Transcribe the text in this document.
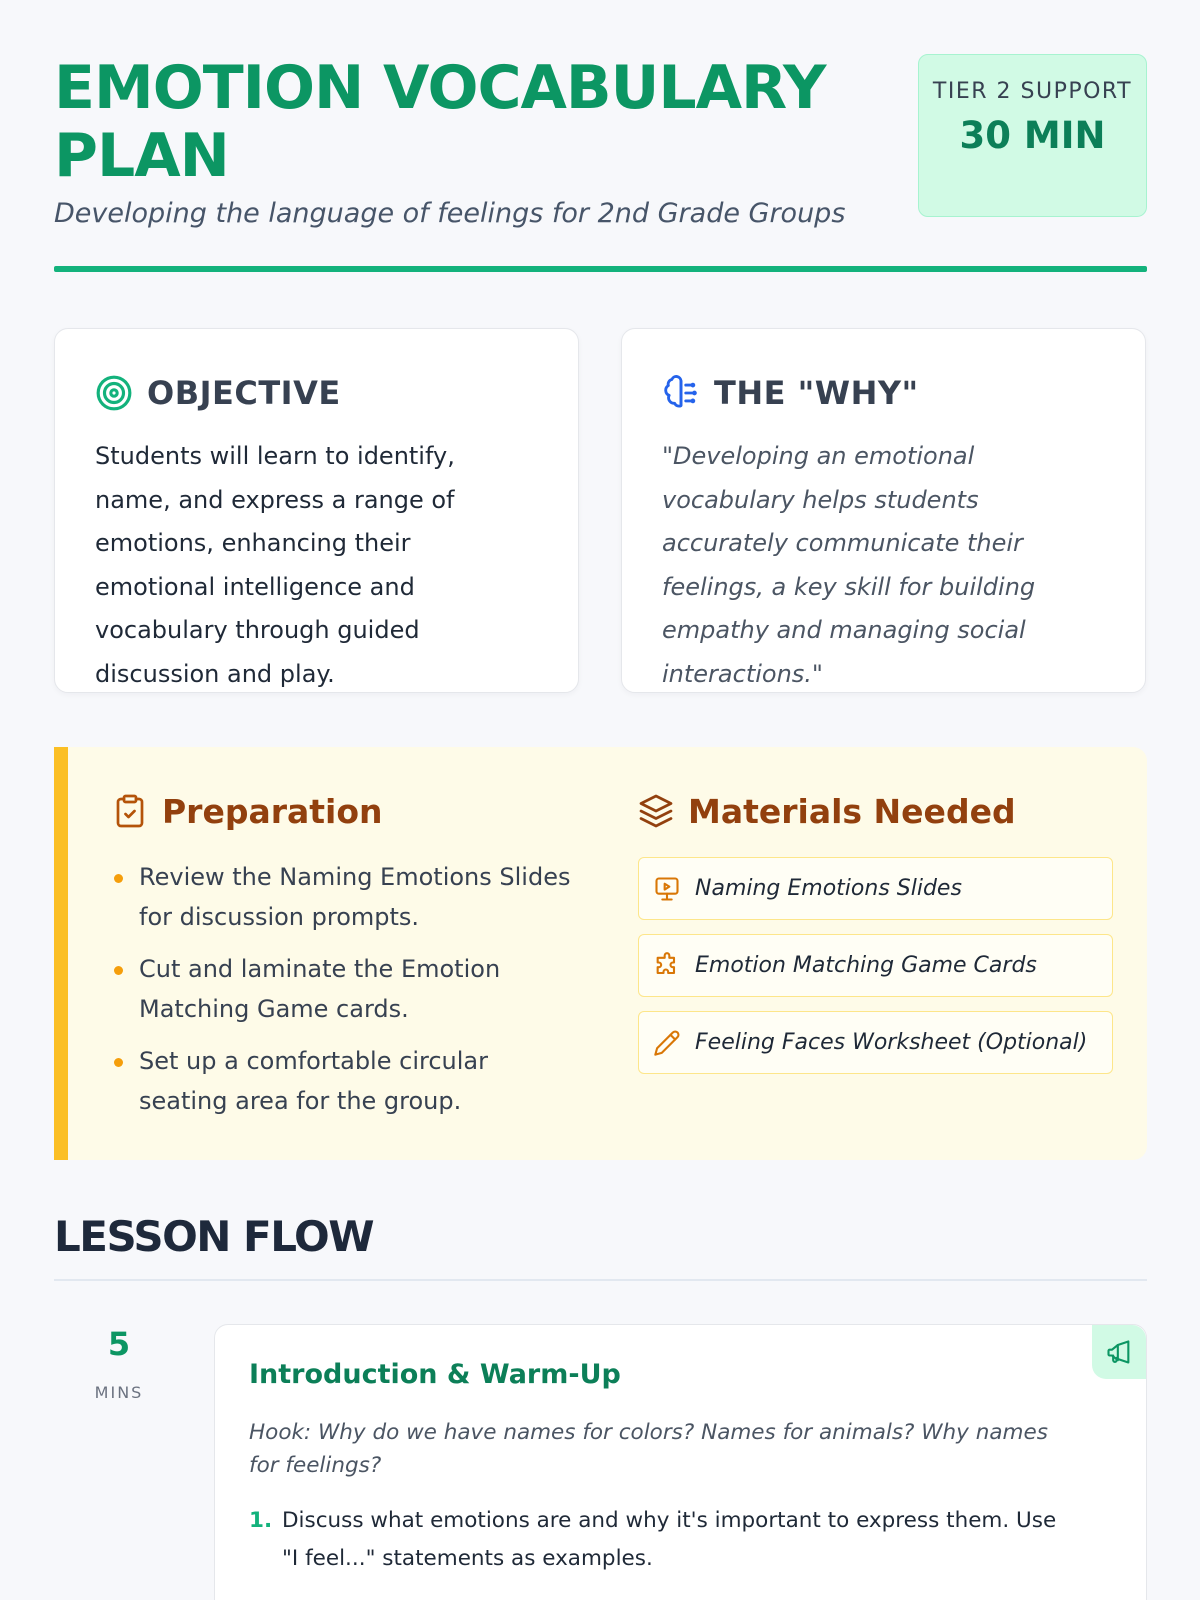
EMOTION VOCABULARY PLAN
Developing the language of feelings for 2nd Grade Groups
TIER 2 SUPPORT
30 MIN
OBJECTIVE

Students will learn to identify, name, and express a range of emotions, enhancing their emotional intelligence and vocabulary through guided discussion and play.

THE "WHY"

"Developing an emotional vocabulary helps students accurately communicate their feelings, a key skill for building empathy and managing social interactions."

Preparation
Review the Naming Emotions Slides for discussion prompts.
Cut and laminate the Emotion Matching Game cards.
Set up a comfortable circular seating area for the group.
Materials Needed
Naming Emotions Slides
Emotion Matching Game Cards
Feeling Faces Worksheet (Optional)
LESSON FLOW
5
MINS
Introduction & Warm-Up

Hook: Why do we have names for colors? Names for animals? Why names for feelings?

1. Discuss what emotions are and why it's important to express them. Use "I feel..." statements as examples.
